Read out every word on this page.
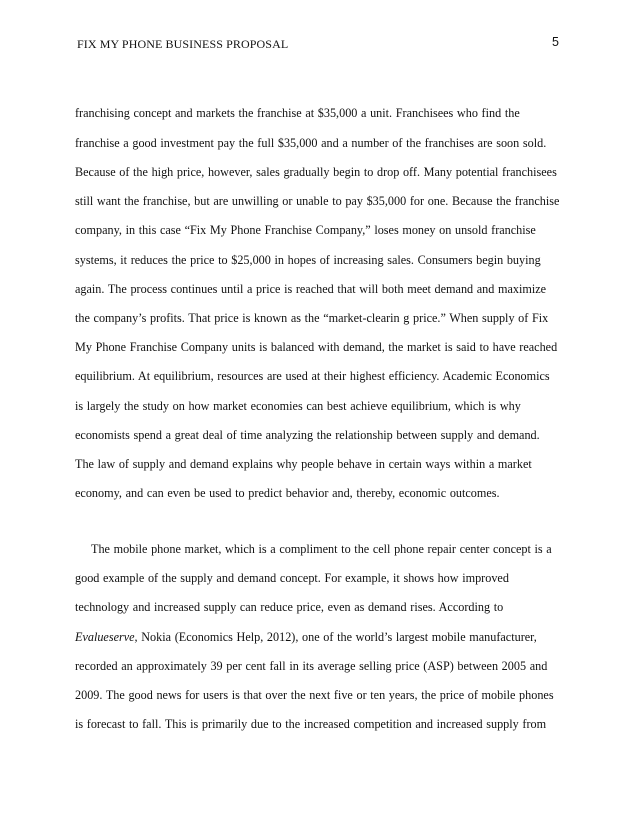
FIX MY PHONE BUSINESS PROPOSAL	5
franchising concept and markets the franchise at $35,000 a unit. Franchisees who find the
franchise a good investment pay the full $35,000 and a number of the franchises are soon sold.
Because of the high price, however, sales gradually begin to drop off. Many potential franchisees
still want the franchise, but are unwilling or unable to pay $35,000 for one. Because the franchise
company, in this case “Fix My Phone Franchise Company,” loses money on unsold franchise
systems, it reduces the price to $25,000 in hopes of increasing sales. Consumers begin buying
again. The process continues until a price is reached that will both meet demand and maximize
the company’s profits. That price is known as the “market-clearin g price.” When supply of Fix
My Phone Franchise Company units is balanced with demand, the market is said to have reached
equilibrium. At equilibrium, resources are used at their highest efficiency. Academic Economics
is largely the study on how market economies can best achieve equilibrium, which is why
economists spend a great deal of time analyzing the relationship between supply and demand.
The law of supply and demand explains why people behave in certain ways within a market
economy, and can even be used to predict behavior and, thereby, economic outcomes.
The mobile phone market, which is a compliment to the cell phone repair center concept is a
good example of the supply and demand concept. For example, it shows how improved
technology and increased supply can reduce price, even as demand rises. According to
Evalueserve, Nokia (Economics Help, 2012), one of the world’s largest mobile manufacturer,
recorded an approximately 39 per cent fall in its average selling price (ASP) between 2005 and
2009. The good news for users is that over the next five or ten years, the price of mobile phones
is forecast to fall. This is primarily due to the increased competition and increased supply from
